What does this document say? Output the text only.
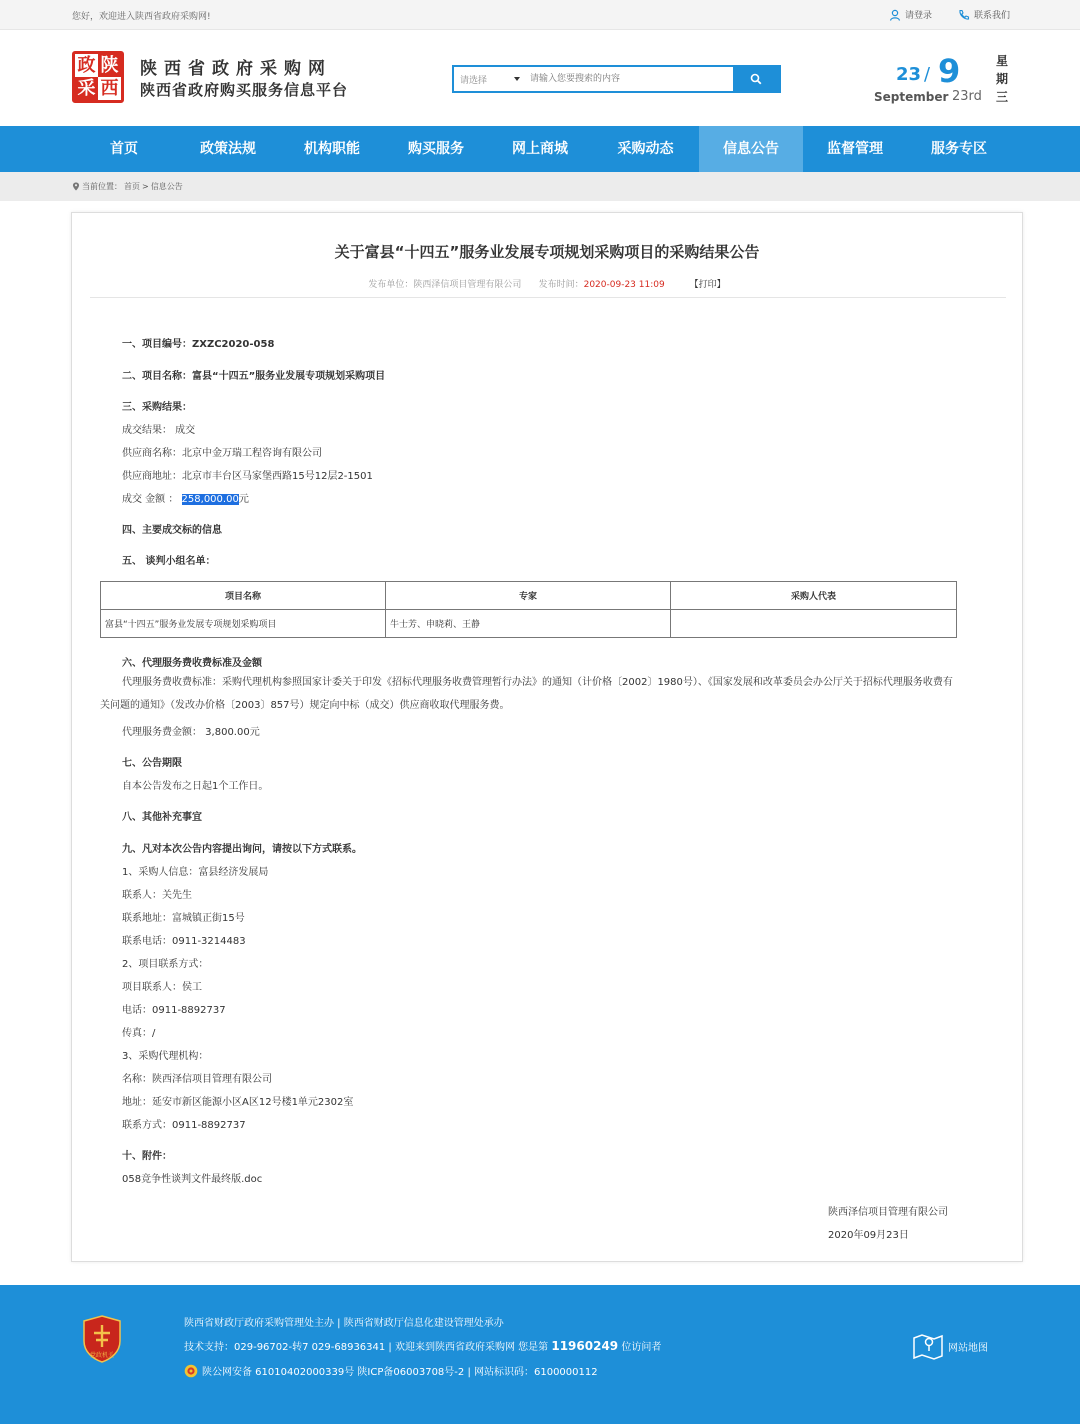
您好，欢迎进入陕西省政府采购网!	请登录	联系我们
政 陕
采 西
陕西省政府采购网
陕西省政府购买服务信息平台
请选择
请输入您要搜索的内容	23 / 9
September 23rd
星期三
首页	政策法规	机构职能	购买服务	网上商城	采购动态	信息公告	监督管理	服务专区
当前位置： 首页 > 信息公告
关于富县“十四五”服务业发展专项规划采购项目的采购结果公告
发布单位：陕西泽信项目管理有限公司 发布时间：2020-09-23 11:09	【打印】
一、项目编号：ZXZC2020-058
二、项目名称：富县“十四五”服务业发展专项规划采购项目
三、采购结果：
成交结果： 成交
供应商名称：北京中金万瑞工程咨询有限公司
供应商地址：北京市丰台区马家堡西路15号12层2-1501
成交 金额 ： 258,000.00元
四、主要成交标的信息
五、 谈判小组名单：
项目名称	专家	采购人代表
富县“十四五”服务业发展专项规划采购项目	牛士芳、申晓莉、王静	
六、代理服务费收费标准及金额
代理服务费收费标准：采购代理机构参照国家计委关于印发《招标代理服务收费管理暂行办法》的通知（计价格〔2002〕1980号）、《国家发展和改革委员会办公厅关于招标代理服务收费有关问题的通知》（发改办价格〔2003〕857号）规定向中标（成交）供应商收取代理服务费。
代理服务费金额： 3,800.00元
七、公告期限
自本公告发布之日起1个工作日。
八、其他补充事宜
九、凡对本次公告内容提出询问，请按以下方式联系。
1、采购人信息：富县经济发展局
联系人：关先生
联系地址：富城镇正街15号
联系电话：0911-3214483
2、项目联系方式：
项目联系人：侯工
电话：0911-8892737
传真：/
3、采购代理机构：
名称：陕西泽信项目管理有限公司
地址：延安市新区能源小区A区12号楼1单元2302室
联系方式：0911-8892737
十、附件：
058竞争性谈判文件最终版.doc
陕西泽信项目管理有限公司
2020年09月23日
党政机关
陕西省财政厅政府采购管理处主办 | 陕西省财政厅信息化建设管理处承办
技术支持：029-96702-转7 029-68936341 | 欢迎来到陕西省政府采购网 您是第 11960249 位访问者
陕公网安备 61010402000339号 陕ICP备06003708号-2 | 网站标识码：6100000112
网站地图
